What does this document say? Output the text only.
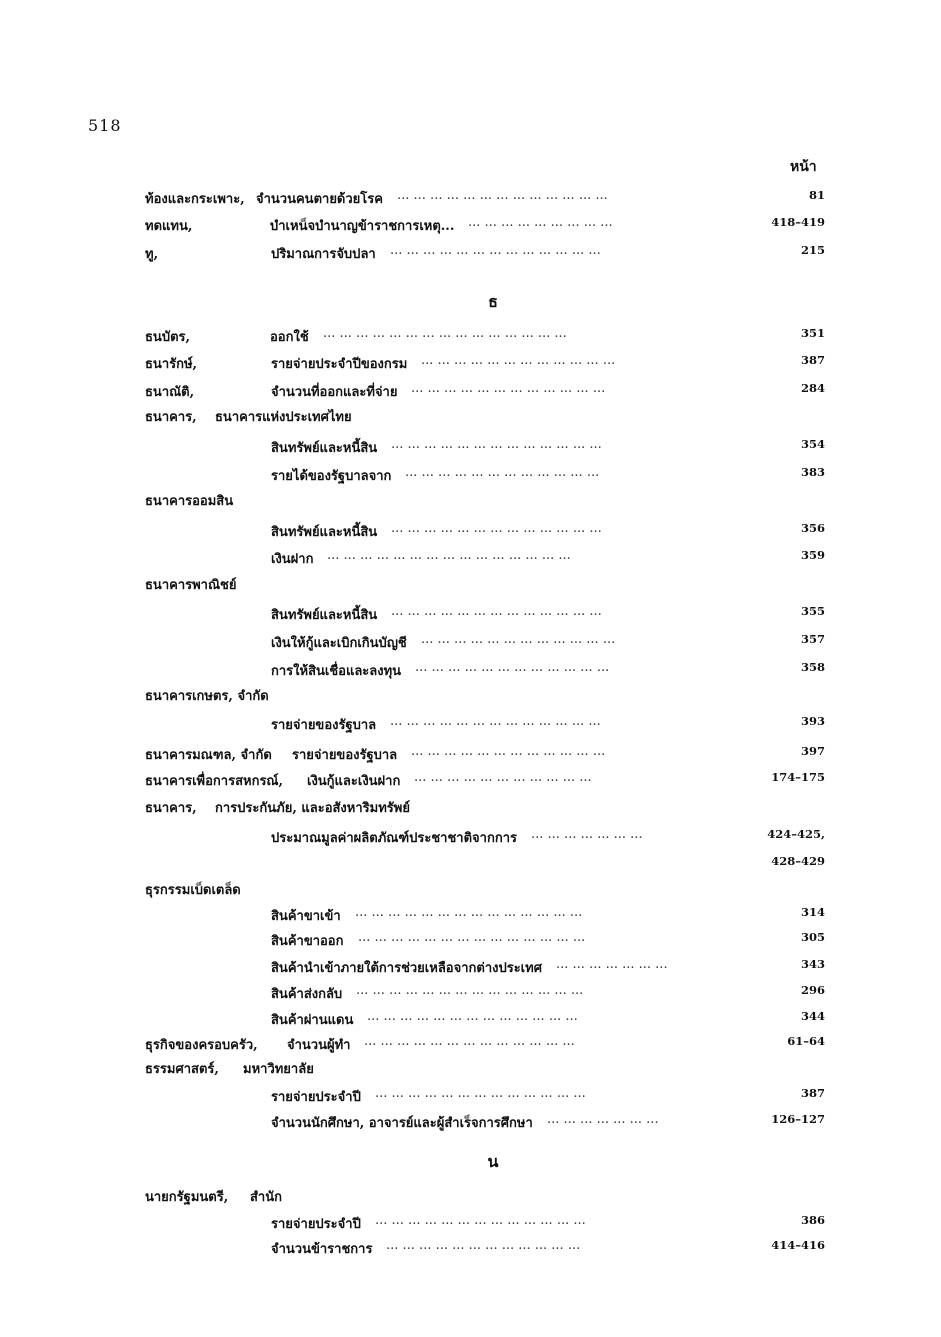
518
หน้า
ธ
น
ท้องและกระเพาะ, จำนวนคนตายด้วยโรค	81
... ... ... ... ... ... ... ... ... ... ... ... ...
ทดแทน,	บำเหน็จบำนาญข้าราชการเหตุ...	418–419
... ... ... ... ... ... ... ... ...
ทู,	ปริมาณการจับปลา	215
... ... ... ... ... ... ... ... ... ... ... ... ...
ธนบัตร,	ออกใช้	351
... ... ... ... ... ... ... ... ... ... ... ... ... ... ...
ธนารักษ์,	รายจ่ายประจำปีของกรม	387
... ... ... ... ... ... ... ... ... ... ... ...
ธนาณัติ,	จำนวนที่ออกและที่จ่าย	284
... ... ... ... ... ... ... ... ... ... ... ...
ธนาคาร, ธนาคารแห่งประเทศไทย
สินทรัพย์และหนี้สิน	354
... ... ... ... ... ... ... ... ... ... ... ... ...
รายได้ของรัฐบาลจาก	383
... ... ... ... ... ... ... ... ... ... ... ...
ธนาคารออมสิน
สินทรัพย์และหนี้สิน	356
... ... ... ... ... ... ... ... ... ... ... ... ...
เงินฝาก	359
... ... ... ... ... ... ... ... ... ... ... ... ... ... ...
ธนาคารพาณิชย์
สินทรัพย์และหนี้สิน	355
... ... ... ... ... ... ... ... ... ... ... ... ...
เงินให้กู้และเบิกเกินบัญชี	357
... ... ... ... ... ... ... ... ... ... ... ...
การให้สินเชื่อและลงทุน	358
... ... ... ... ... ... ... ... ... ... ... ...
ธนาคารเกษตร, จำกัด
รายจ่ายของรัฐบาล	393
... ... ... ... ... ... ... ... ... ... ... ... ...
ธนาคารมณฑล, จำกัด รายจ่ายของรัฐบาล	397
... ... ... ... ... ... ... ... ... ... ... ...
ธนาคารเพื่อการสหกรณ์, เงินกู้และเงินฝาก	174–175
... ... ... ... ... ... ... ... ... ... ...
ธนาคาร, การประกันภัย, และอสังหาริมทรัพย์
ประมาณมูลค่าผลิตภัณฑ์ประชาชาติจากการ	424–425,
... ... ... ... ... ... ...
428–429
ธุรกรรมเบ็ดเตล็ด
สินค้าขาเข้า	314
... ... ... ... ... ... ... ... ... ... ... ... ... ...
สินค้าขาออก	305
... ... ... ... ... ... ... ... ... ... ... ... ... ...
สินค้านำเข้าภายใต้การช่วยเหลือจากต่างประเทศ	343
... ... ... ... ... ... ...
สินค้าส่งกลับ	296
... ... ... ... ... ... ... ... ... ... ... ... ... ...
สินค้าผ่านแดน	344
... ... ... ... ... ... ... ... ... ... ... ... ...
ธุรกิจของครอบครัว, จำนวนผู้ทำ	61–64
... ... ... ... ... ... ... ... ... ... ... ... ...
ธรรมศาสตร์, มหาวิทยาลัย
รายจ่ายประจำปี	387
... ... ... ... ... ... ... ... ... ... ... ... ...
จำนวนนักศึกษา, อาจารย์และผู้สำเร็จการศึกษา	126–127
... ... ... ... ... ... ...
นายกรัฐมนตรี, สำนัก
รายจ่ายประจำปี	386
... ... ... ... ... ... ... ... ... ... ... ... ...
จำนวนข้าราชการ	414–416
... ... ... ... ... ... ... ... ... ... ... ...
